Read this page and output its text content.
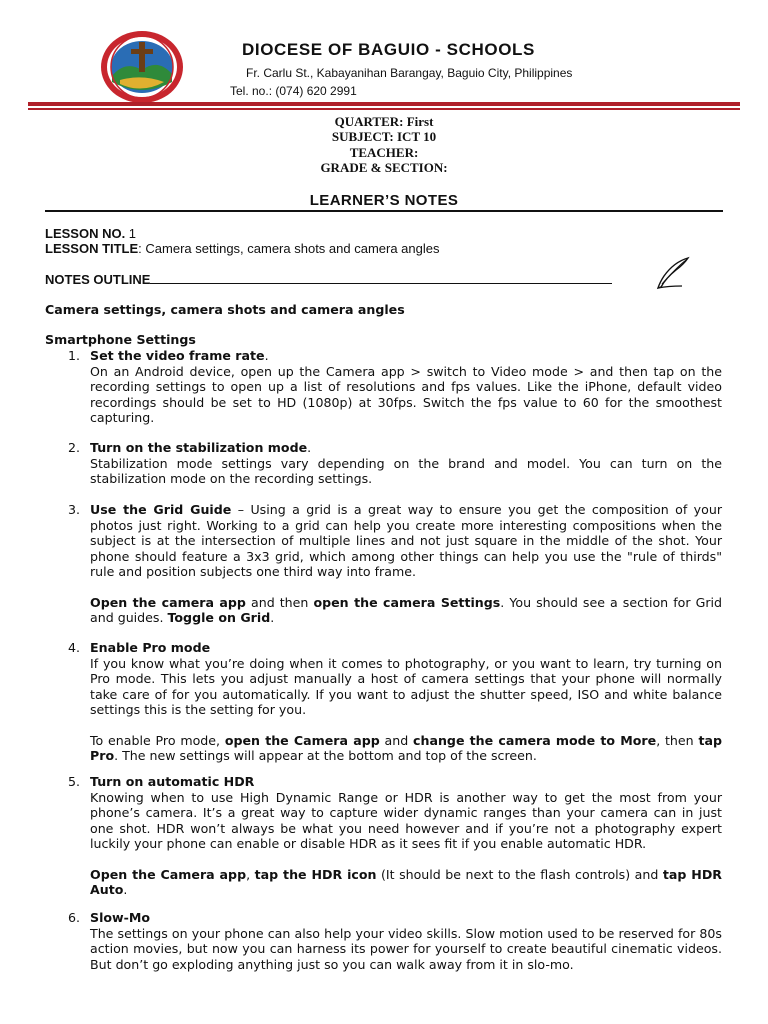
DIOCESE OF BAGUIO - SCHOOLS
Fr. Carlu St., Kabayanihan Barangay, Baguio City, Philippines
Tel. no.: (074) 620 2991
QUARTER: First
SUBJECT: ICT 10
TEACHER:
GRADE & SECTION:
LEARNER’S NOTES
LESSON NO. 1
LESSON TITLE: Camera settings, camera shots and camera angles
NOTES OUTLINE
Camera settings, camera shots and camera angles
Smartphone Settings
1. Set the video frame rate.

On an Android device, open up the Camera app > switch to Video mode > and then tap on the recording settings to open up a list of resolutions and fps values. Like the iPhone, default video recordings should be set to HD (1080p) at 30fps. Switch the fps value to 60 for the smoothest capturing.

2. Turn on the stabilization mode.

Stabilization mode settings vary depending on the brand and model. You can turn on the stabilization mode on the recording settings.

3. Use the Grid Guide – Using a grid is a great way to ensure you get the composition of your photos just right. Working to a grid can help you create more interesting compositions when the subject is at the intersection of multiple lines and not just square in the middle of the shot. Your phone should feature a 3x3 grid, which among other things can help you use the "rule of thirds" rule and position subjects one third way into frame.

Open the camera app and then open the camera Settings. You should see a section for Grid and guides. Toggle on Grid.

4. Enable Pro mode

If you know what you’re doing when it comes to photography, or you want to learn, try turning on Pro mode. This lets you adjust manually a host of camera settings that your phone will normally take care of for you automatically. If you want to adjust the shutter speed, ISO and white balance settings this is the setting for you.

To enable Pro mode, open the Camera app and change the camera mode to More, then tap Pro. The new settings will appear at the bottom and top of the screen.

5. Turn on automatic HDR

Knowing when to use High Dynamic Range or HDR is another way to get the most from your phone’s camera. It’s a great way to capture wider dynamic ranges than your camera can in just one shot. HDR won’t always be what you need however and if you’re not a photography expert luckily your phone can enable or disable HDR as it sees fit if you enable automatic HDR.

Open the Camera app, tap the HDR icon (It should be next to the flash controls) and tap HDR Auto.

6. Slow-Mo

The settings on your phone can also help your video skills. Slow motion used to be reserved for 80s action movies, but now you can harness its power for yourself to create beautiful cinematic videos. But don’t go exploding anything just so you can walk away from it in slo-mo.
